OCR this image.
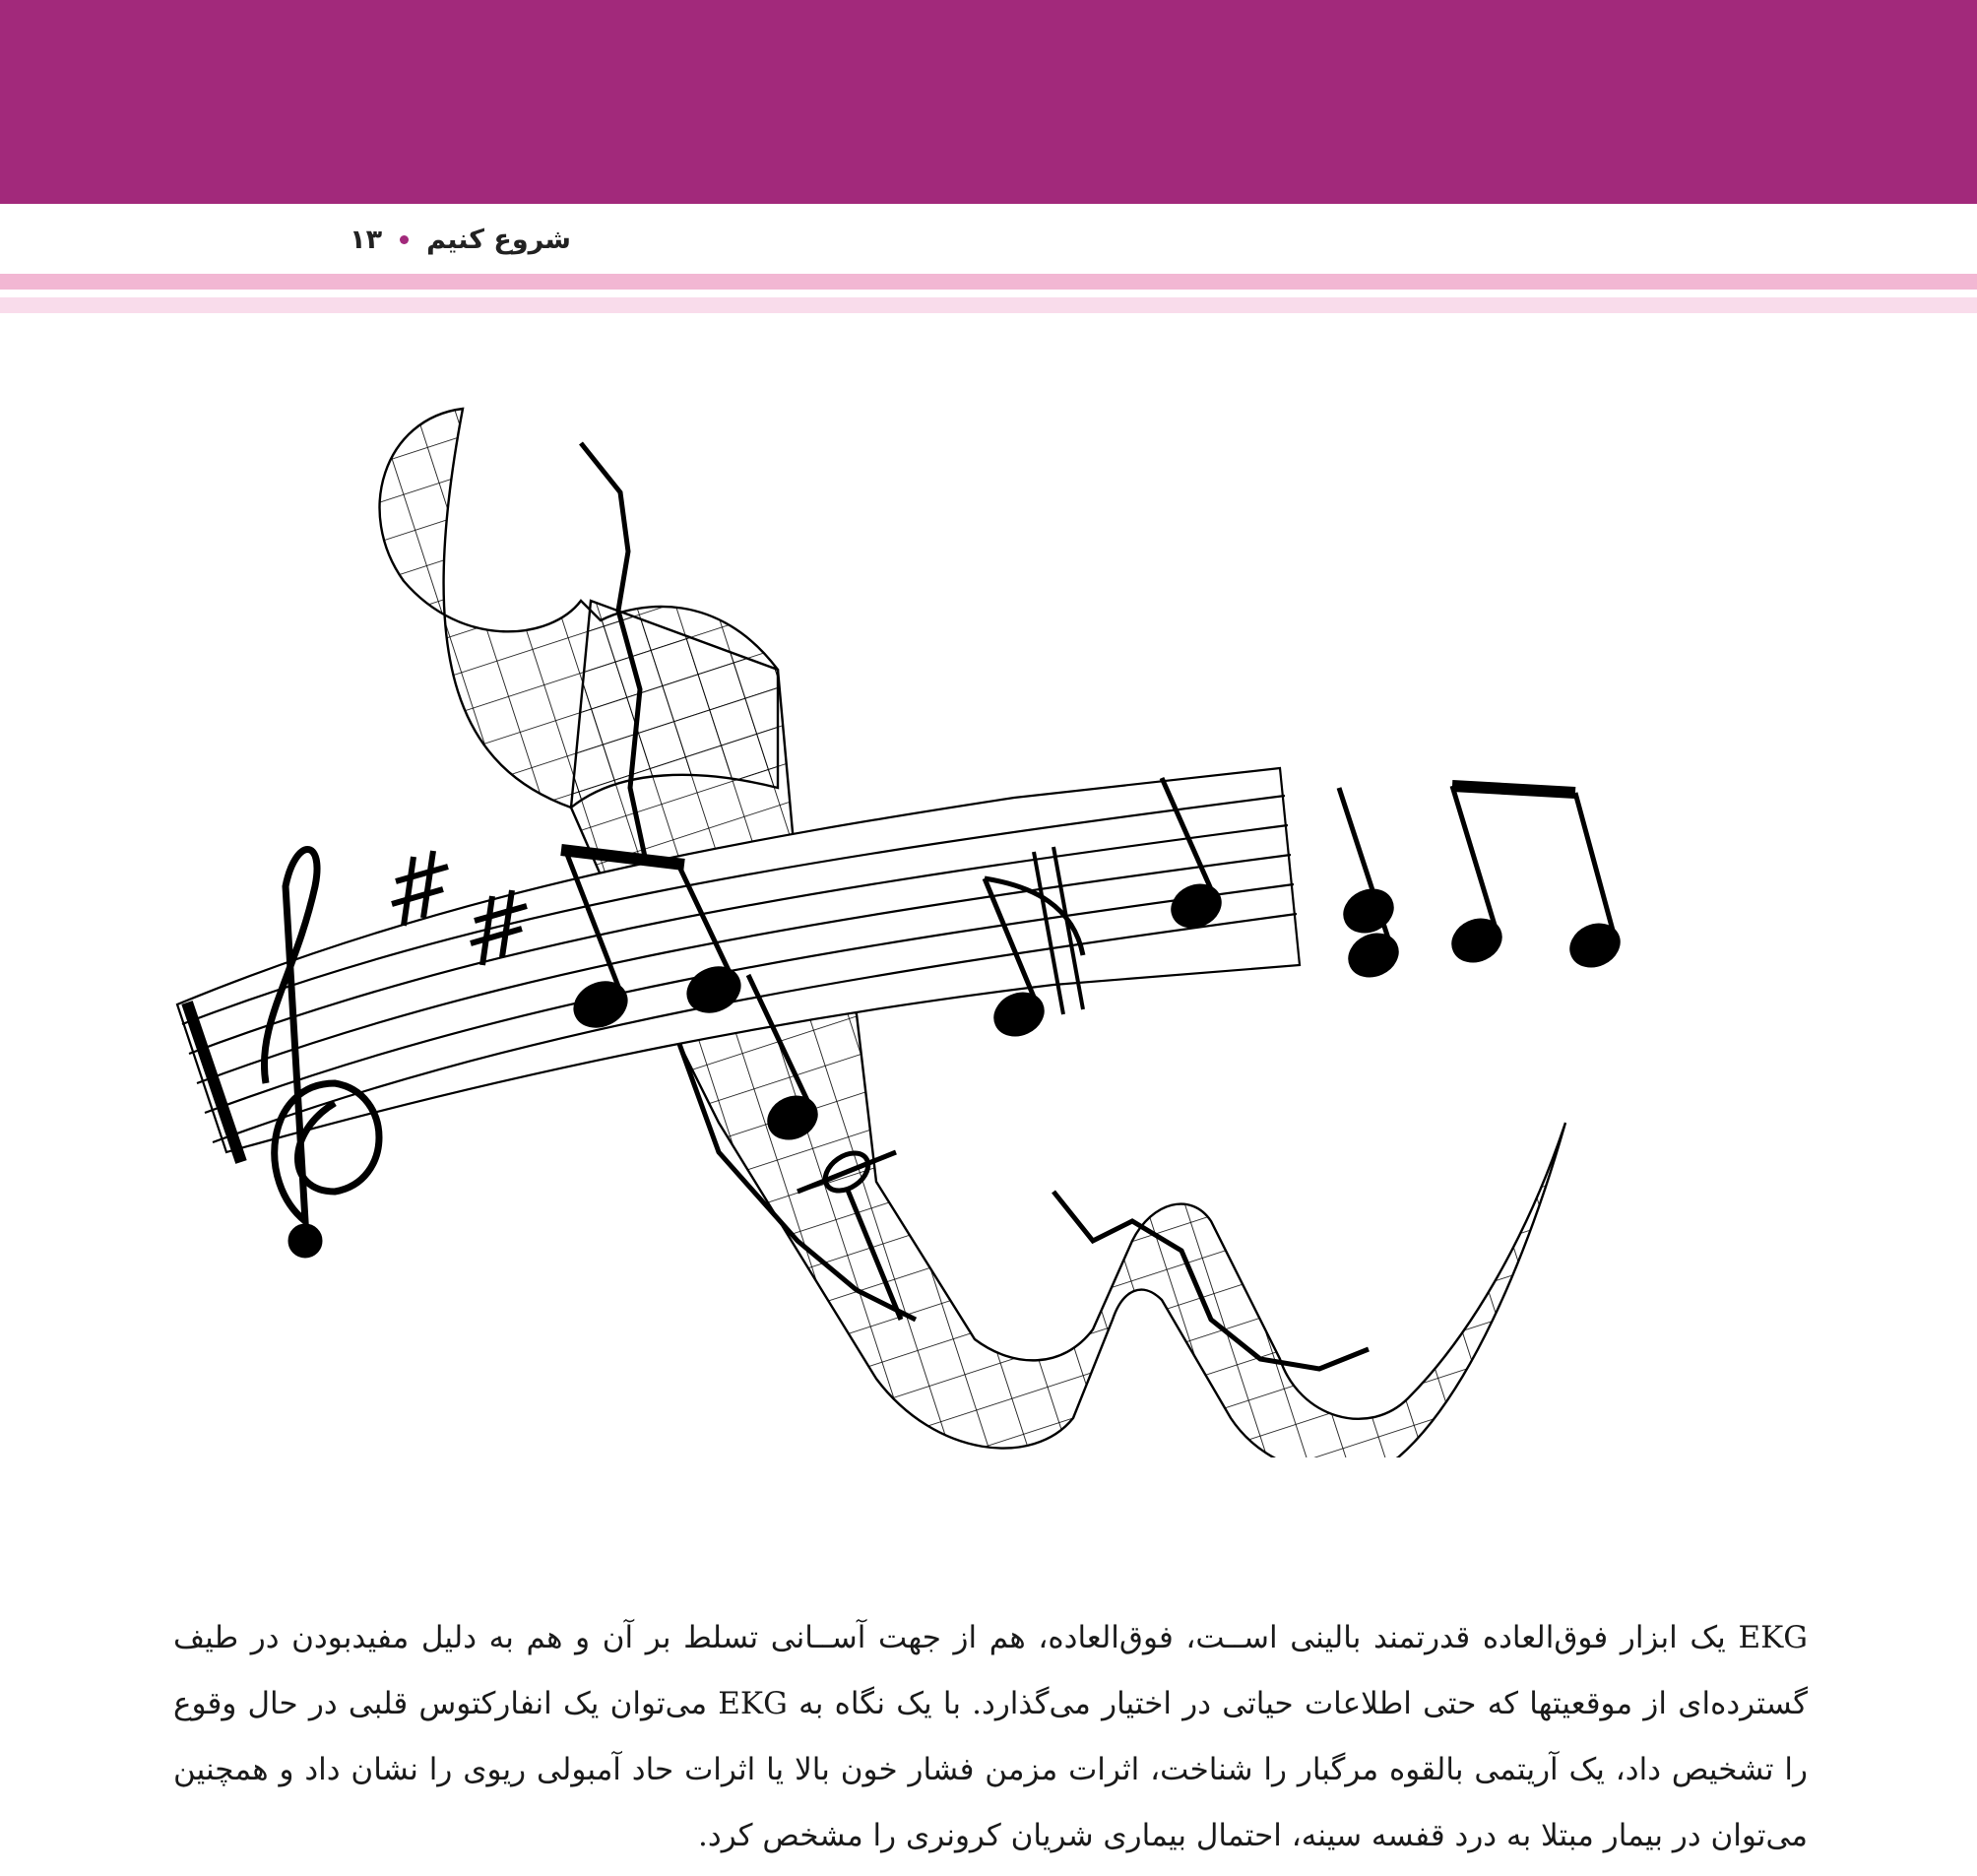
شروع کنیم
۱۳

EKG یک ابزار فوق‌العاده قدرتمند بالینی اســت، فوق‌العاده، هم از جهت آســانی تسلط بر آن و هم به دلیل مفیدبودن در طیف گسترده‌ای از موقعیتها که حتی اطلاعات حیاتی در اختیار می‌گذارد. با یک نگاه به EKG می‌توان یک انفارکتوس قلبی در حال وقوع را تشخیص داد، یک آریتمی بالقوه مرگبار را شناخت، اثرات مزمن فشار خون بالا یا اثرات حاد آمبولی ریوی را نشان داد و همچنین می‌توان در بیمار مبتلا به درد قفسه سینه، احتمال بیماری شریان کرونری را مشخص کرد.
